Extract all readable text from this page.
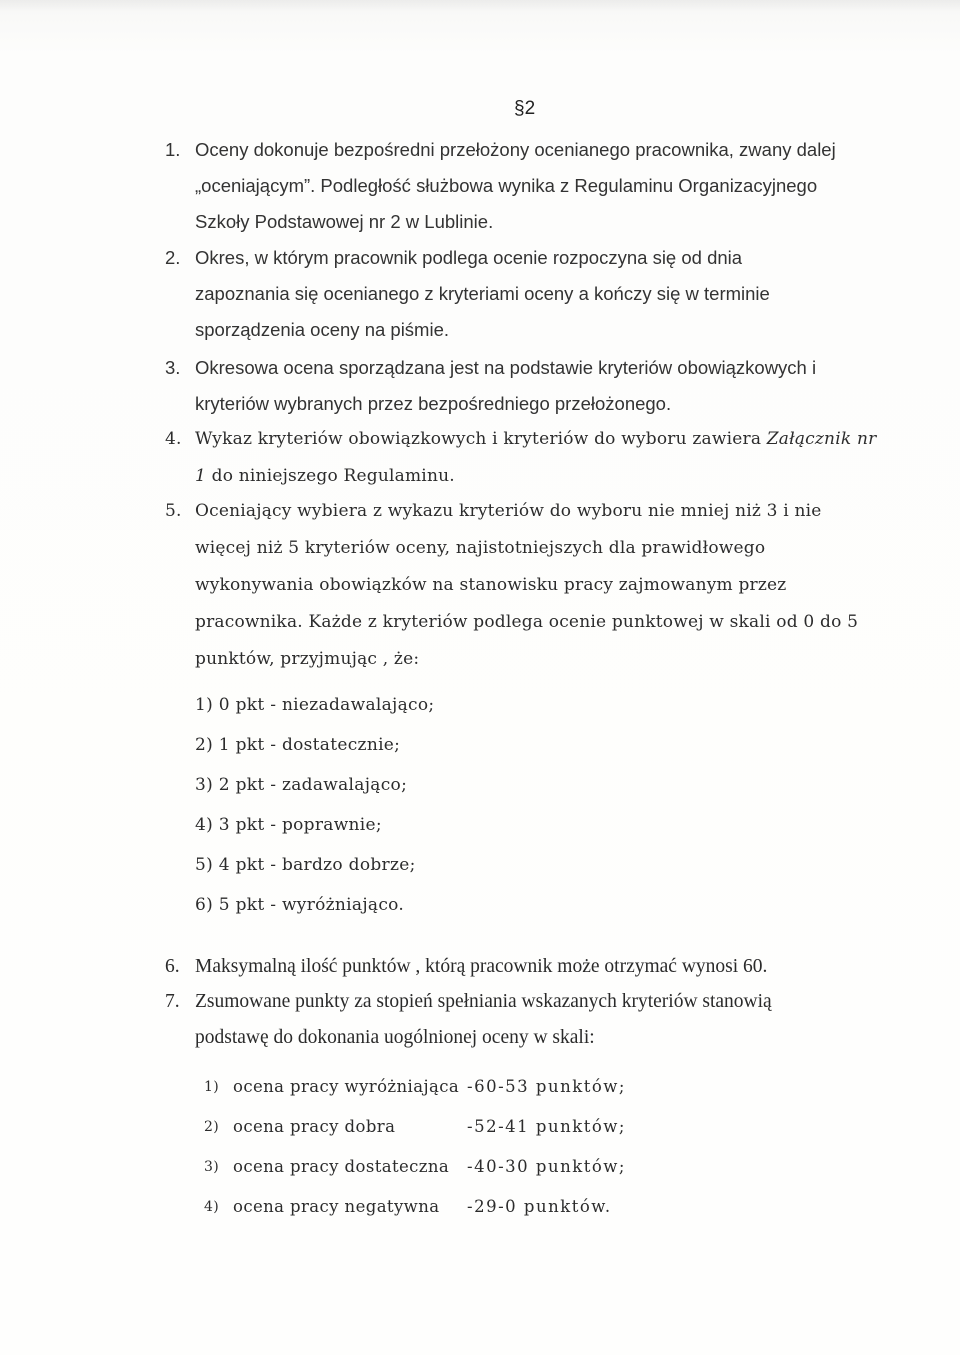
§2
1. Oceny dokonuje bezpośredni przełożony ocenianego pracownika, zwany dalej
„oceniającym”. Podległość służbowa wynika z Regulaminu Organizacyjnego
Szkoły Podstawowej nr 2 w Lublinie.
2. Okres, w którym pracownik podlega ocenie rozpoczyna się od dnia
zapoznania się ocenianego z kryteriami oceny a kończy się w terminie
sporządzenia oceny na piśmie.
3. Okresowa ocena sporządzana jest na podstawie kryteriów obowiązkowych i
kryteriów wybranych przez bezpośredniego przełożonego.
4. Wykaz kryteriów obowiązkowych i kryteriów do wyboru zawiera Załącznik nr
1 do niniejszego Regulaminu.
5. Oceniający wybiera z wykazu kryteriów do wyboru nie mniej niż 3 i nie
więcej niż 5 kryteriów oceny, najistotniejszych dla prawidłowego
wykonywania obowiązków na stanowisku pracy zajmowanym przez
pracownika. Każde z kryteriów podlega ocenie punktowej w skali od 0 do 5
punktów, przyjmując , że:
1) 0 pkt - niezadawalająco;
2) 1 pkt - dostatecznie;
3) 2 pkt - zadawalająco;
4) 3 pkt - poprawnie;
5) 4 pkt - bardzo dobrze;
6) 5 pkt - wyróżniająco.
6. Maksymalną ilość punktów , którą pracownik może otrzymać wynosi 60.
7. Zsumowane punkty za stopień spełniania wskazanych kryteriów stanowią
podstawę do dokonania uogólnionej oceny w skali:
1) ocena pracy wyróżniająca -60-53 punktów;
2) ocena pracy dobra	-52-41 punktów;
3) ocena pracy dostateczna -40-30 punktów;
4) ocena pracy negatywna -29-0 punktów.
